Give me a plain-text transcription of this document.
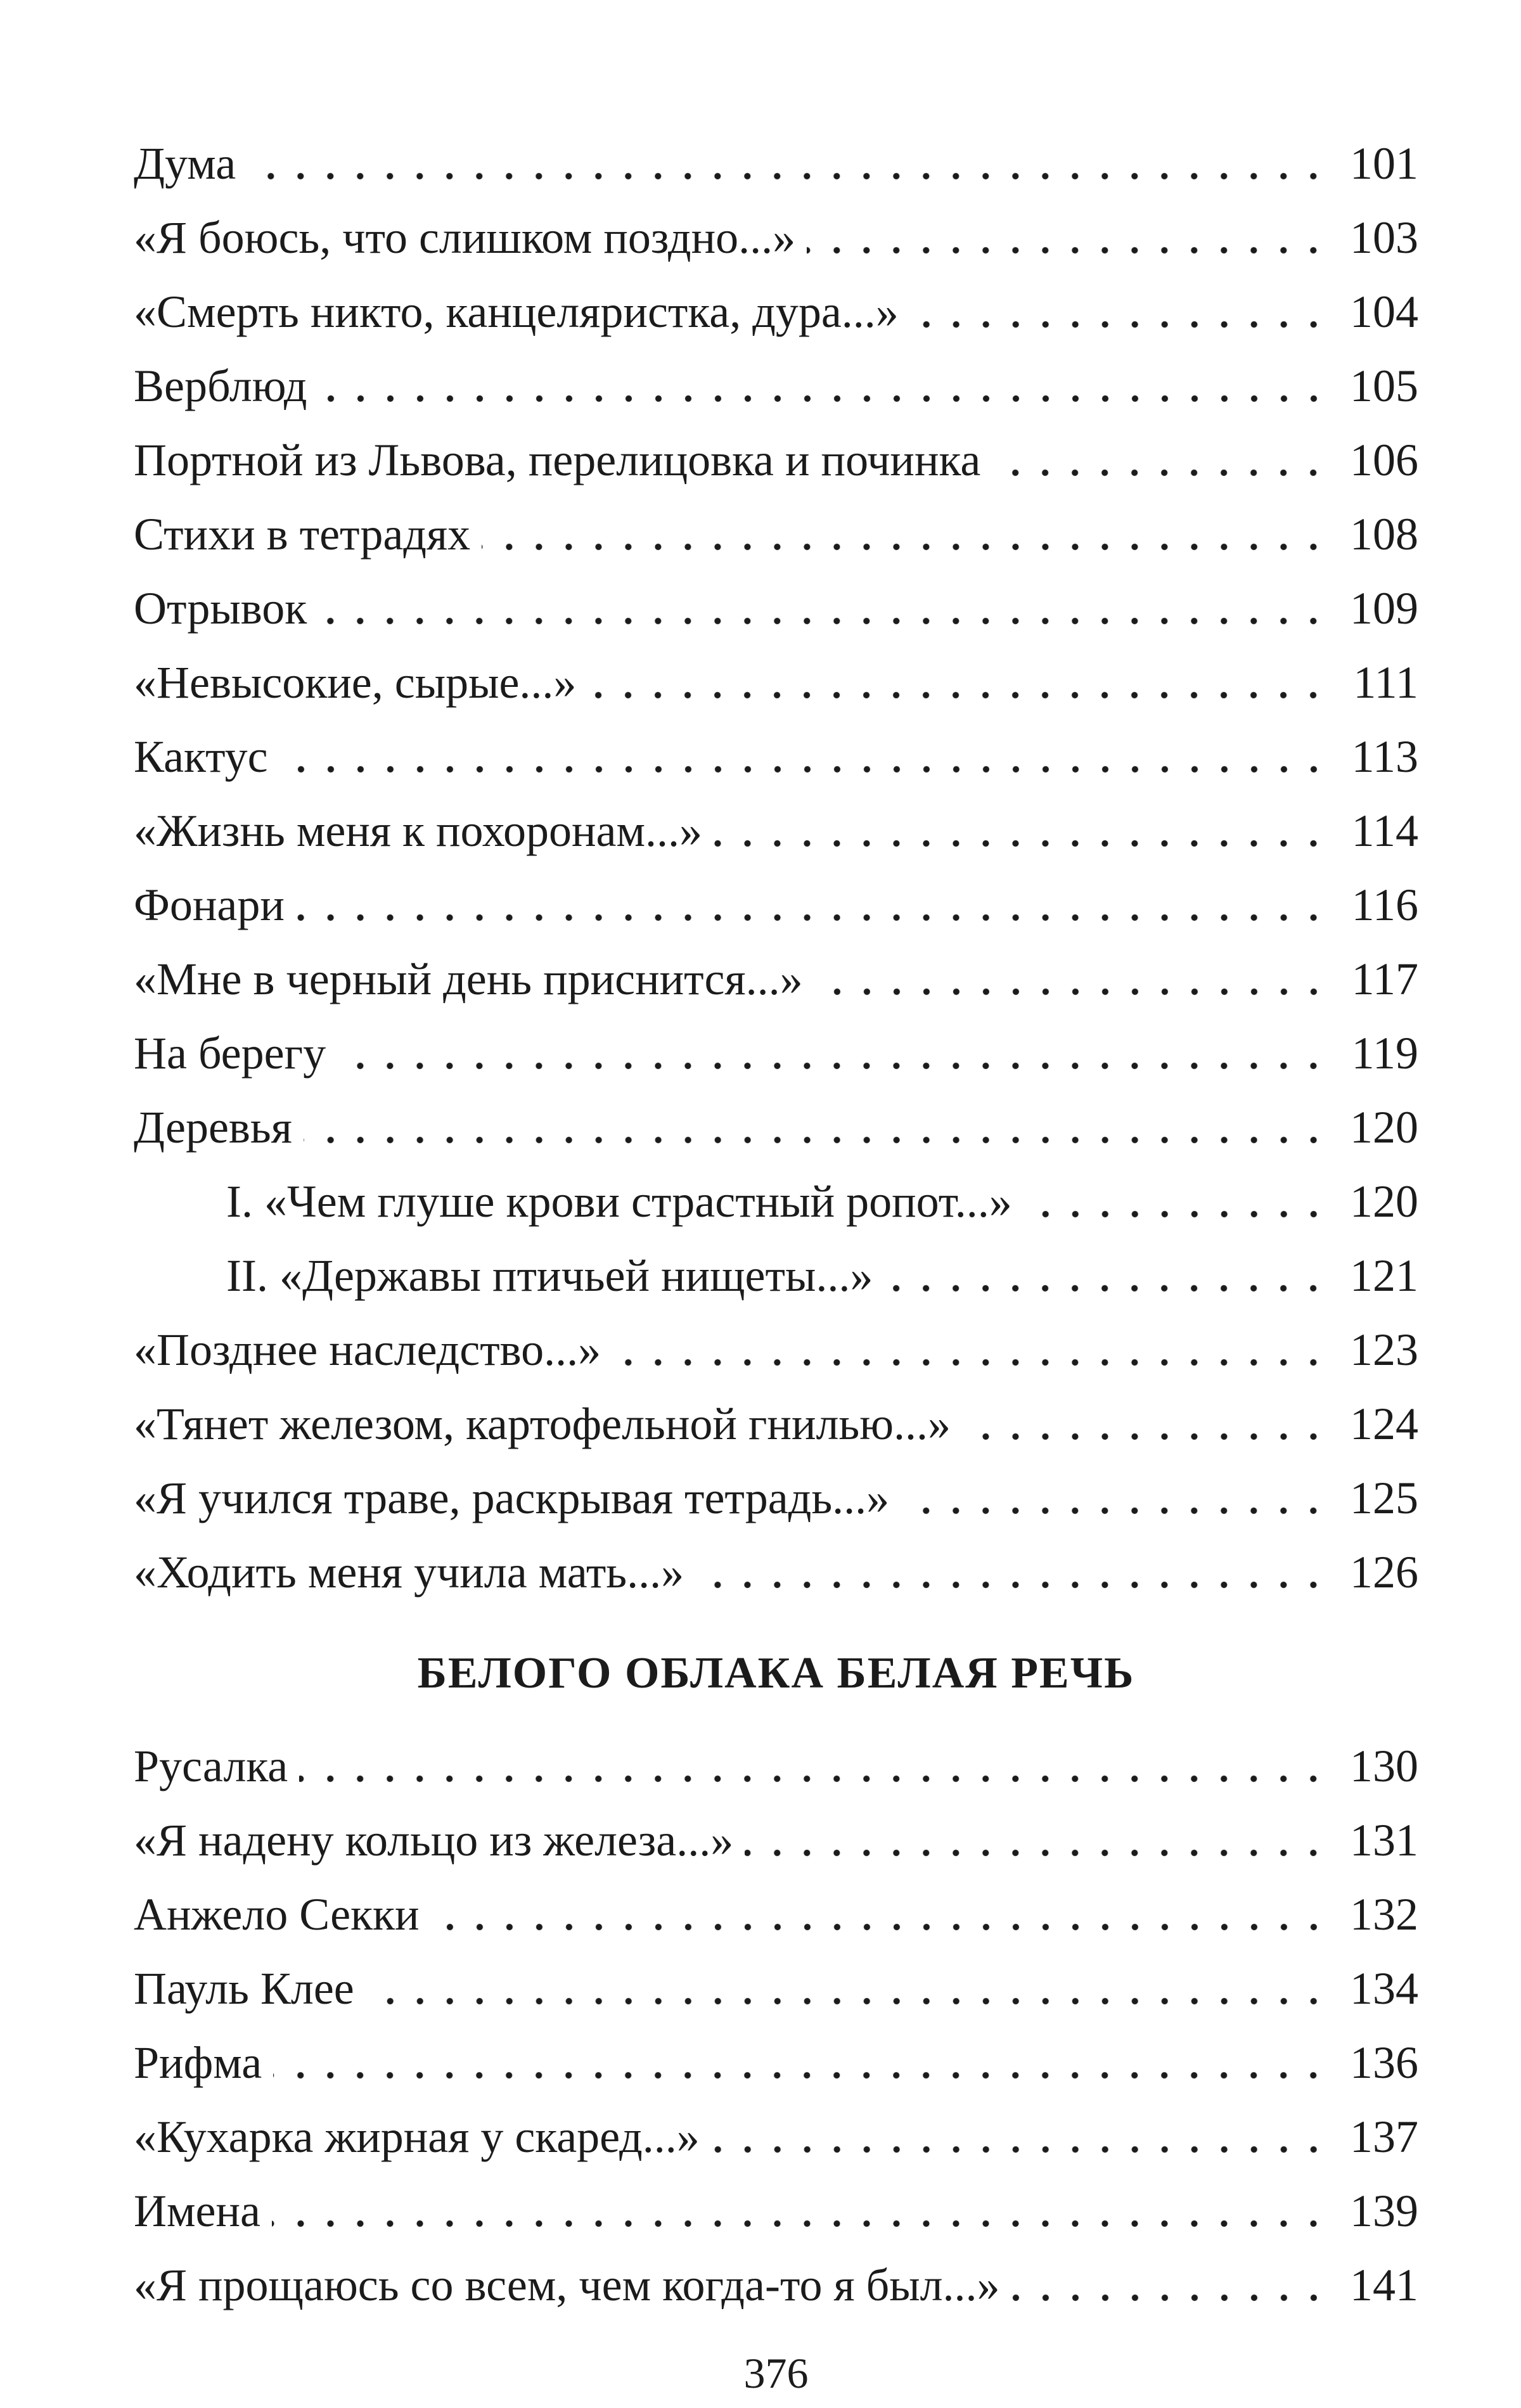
Дума	101
«Я боюсь, что слишком поздно...»	103
«Смерть никто, канцеляристка, дура...»	104
Верблюд	105
Портной из Львова, перелицовка и починка	106
Стихи в тетрадях	108
Отрывок	109
«Невысокие, сырые...»	111
Кактус	113
«Жизнь меня к похоронам...»	114
Фонари	116
«Мне в черный день приснится...»	117
На берегу	119
Деревья	120
I. «Чем глуше крови страстный ропот...»	120
II. «Державы птичьей нищеты...»	121
«Позднее наследство...»	123
«Тянет железом, картофельной гнилью...»	124
«Я учился траве, раскрывая тетрадь...»	125
«Ходить меня учила мать...»	126
БЕЛОГО ОБЛАКА БЕЛАЯ РЕЧЬ
Русалка	130
«Я надену кольцо из железа...»	131
Анжело Секки	132
Пауль Клее	134
Рифма	136
«Кухарка жирная у скаред...»	137
Имена	139
«Я прощаюсь со всем, чем когда-то я был...»	141
376
